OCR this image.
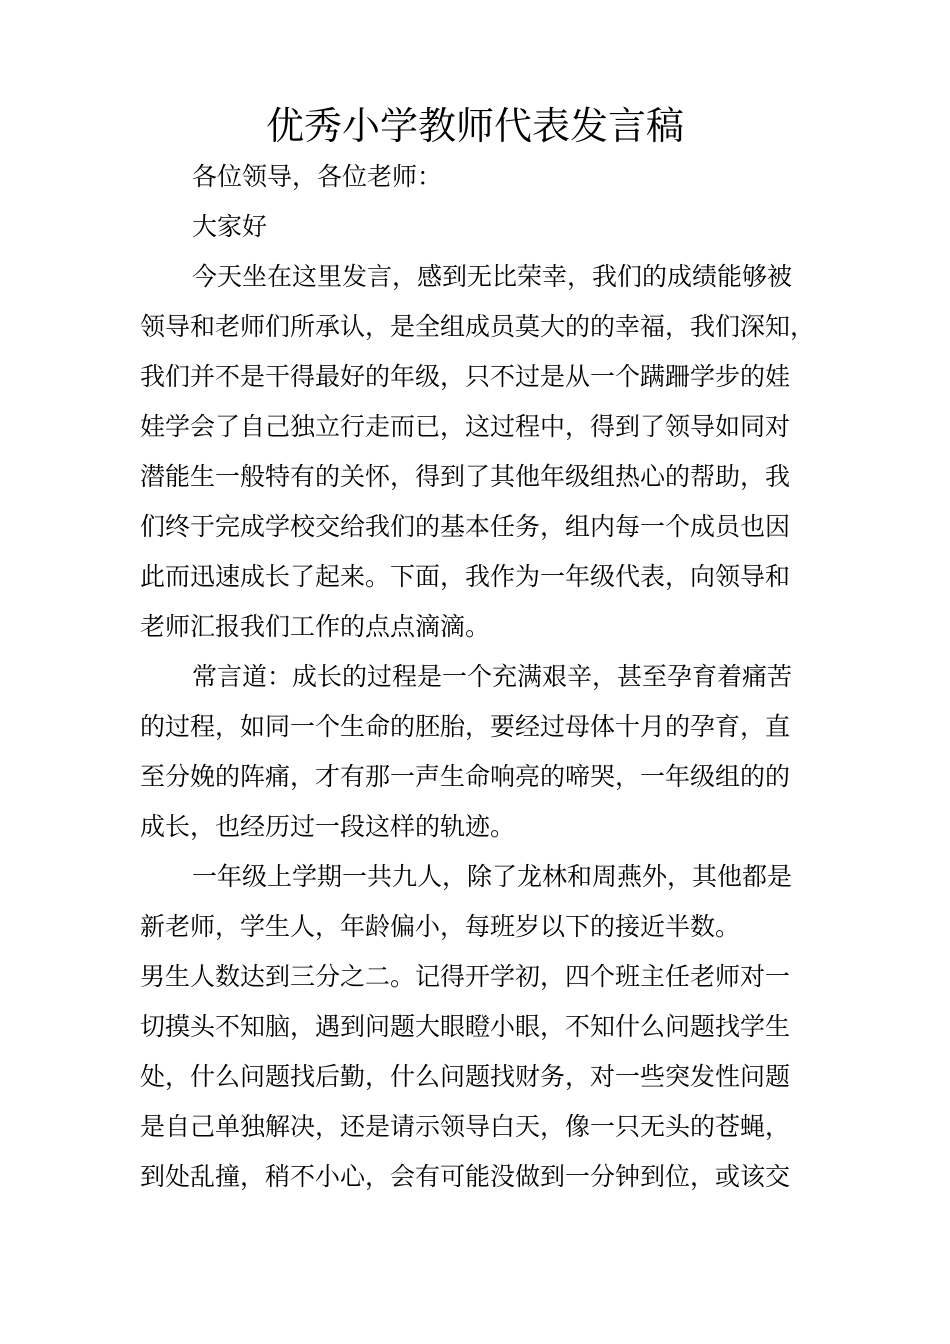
优秀小学教师代表发言稿
各位领导，各位老师：
大家好
今天坐在这里发言，感到无比荣幸，我们的成绩能够被
领导和老师们所承认，是全组成员莫大的的幸福，我们深知，
我们并不是干得最好的年级，只不过是从一个蹒跚学步的娃
娃学会了自己独立行走而已，这过程中，得到了领导如同对
潜能生一般特有的关怀，得到了其他年级组热心的帮助，我
们终于完成学校交给我们的基本任务，组内每一个成员也因
此而迅速成长了起来。下面，我作为一年级代表，向领导和
老师汇报我们工作的点点滴滴。
常言道：成长的过程是一个充满艰辛，甚至孕育着痛苦
的过程，如同一个生命的胚胎，要经过母体十月的孕育，直
至分娩的阵痛，才有那一声生命响亮的啼哭，一年级组的的
成长，也经历过一段这样的轨迹。
一年级上学期一共九人，除了龙林和周燕外，其他都是
新老师，学生人，年龄偏小，每班岁以下的接近半数。
男生人数达到三分之二。记得开学初，四个班主任老师对一
切摸头不知脑，遇到问题大眼瞪小眼，不知什么问题找学生
处，什么问题找后勤，什么问题找财务，对一些突发性问题
是自己单独解决，还是请示领导白天，像一只无头的苍蝇，
到处乱撞，稍不小心，会有可能没做到一分钟到位，或该交
